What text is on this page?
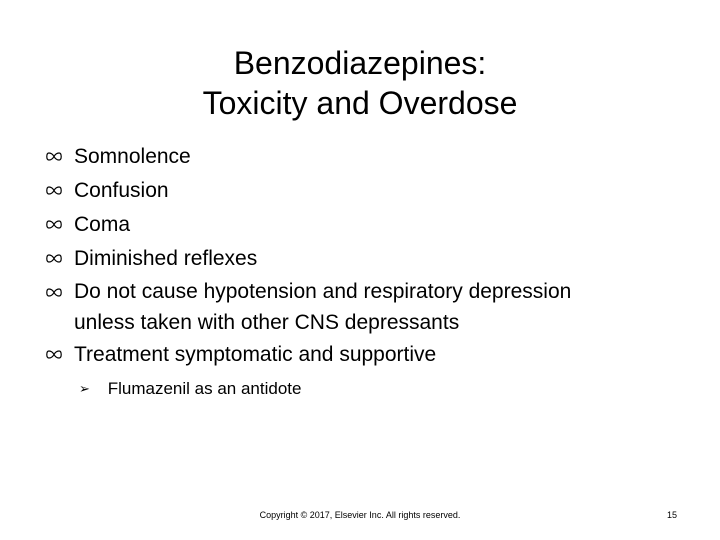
Benzodiazepines:
Toxicity and Overdose
Somnolence
Confusion
Coma
Diminished reflexes
Do not cause hypotension and respiratory depression
unless taken with other CNS depressants
Treatment symptomatic and supportive
➢ Flumazenil as an antidote
Copyright © 2017, Elsevier Inc. All rights reserved.	15
